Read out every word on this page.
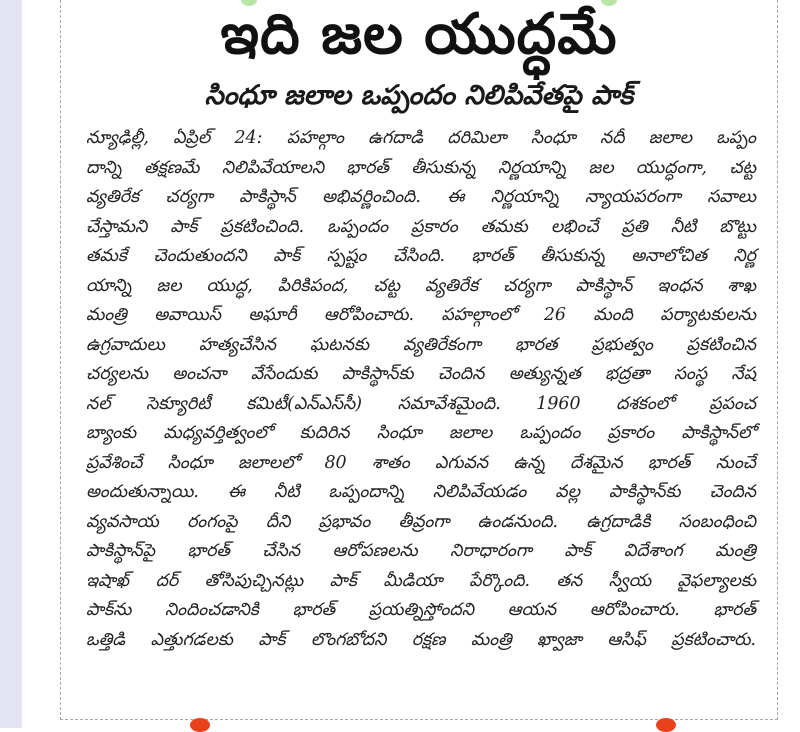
ఇది జల యుద్ధమే
సింధూ జలాల ఒప్పందం నిలిపివేతపై పాక్
న్యూఢిల్లీ, ఏప్రిల్ 24: పహల్గాం ఉగదాడి దరిమిలా సింధూ నదీ జలాల ఒప్పం
దాన్ని తక్షణమే నిలిపివేయాలని భారత్ తీసుకున్న నిర్ణయాన్ని జల యుద్ధంగా, చట్ట
వ్యతిరేక చర్యగా పాకిస్థాన్ అభివర్ణించింది. ఈ నిర్ణయాన్ని న్యాయపరంగా సవాలు
చేస్తామని పాక్ ప్రకటించింది. ఒప్పందం ప్రకారం తమకు లభించే ప్రతి నీటి బొట్టు
తమకే చెందుతుందని పాక్ స్పష్టం చేసింది. భారత్ తీసుకున్న అనాలోచిత నిర్ణ
యాన్ని జల యుద్ధ, పిరికిపంద, చట్ట వ్యతిరేక చర్యగా పాకిస్థాన్ ఇంధన శాఖ
మంత్రి అవాయిస్ అఘారీ ఆరోపించారు. పహల్గాంలో 26 మంది పర్యాటకులను
ఉగ్రవాదులు హత్యచేసిన ఘటనకు వ్యతిరేకంగా భారత ప్రభుత్వం ప్రకటించిన
చర్యలను అంచనా వేసేందుకు పాకిస్థాన్‌కు చెందిన అత్యున్నత భద్రతా సంస్థ నేష
నల్ సెక్యూరిటీ కమిటీ(ఎన్ఎస్‌సీ) సమావేశమైంది. 1960 దశకంలో ప్రపంచ
బ్యాంకు మధ్యవర్తిత్వంలో కుదిరిన సింధూ జలాల ఒప్పందం ప్రకారం పాకిస్థాన్‌లో
ప్రవేశించే సింధూ జలాలలో 80 శాతం ఎగువన ఉన్న దేశమైన భారత్ నుంచే
అందుతున్నాయి. ఈ నీటి ఒప్పందాన్ని నిలిపివేయడం వల్ల పాకిస్థాన్‌కు చెందిన
వ్యవసాయ రంగంపై దీని ప్రభావం తీవ్రంగా ఉండనుంది. ఉగ్రదాడికి సంబంధించి
పాకిస్థాన్‌పై భారత్ చేసిన ఆరోపణలను నిరాధారంగా పాక్ విదేశాంగ మంత్రి
ఇషాఖ్ దర్ తోసిపుచ్చినట్లు పాక్ మీడియా పేర్కొంది. తన స్వీయ వైఫల్యాలకు
పాక్‌ను నిందించడానికి భారత్ ప్రయత్నిస్తోందని ఆయన ఆరోపించారు. భారత్
ఒత్తిడి ఎత్తుగడలకు పాక్ లొంగబోదని రక్షణ మంత్రి ఖ్వాజా ఆసిఫ్ ప్రకటించారు.
